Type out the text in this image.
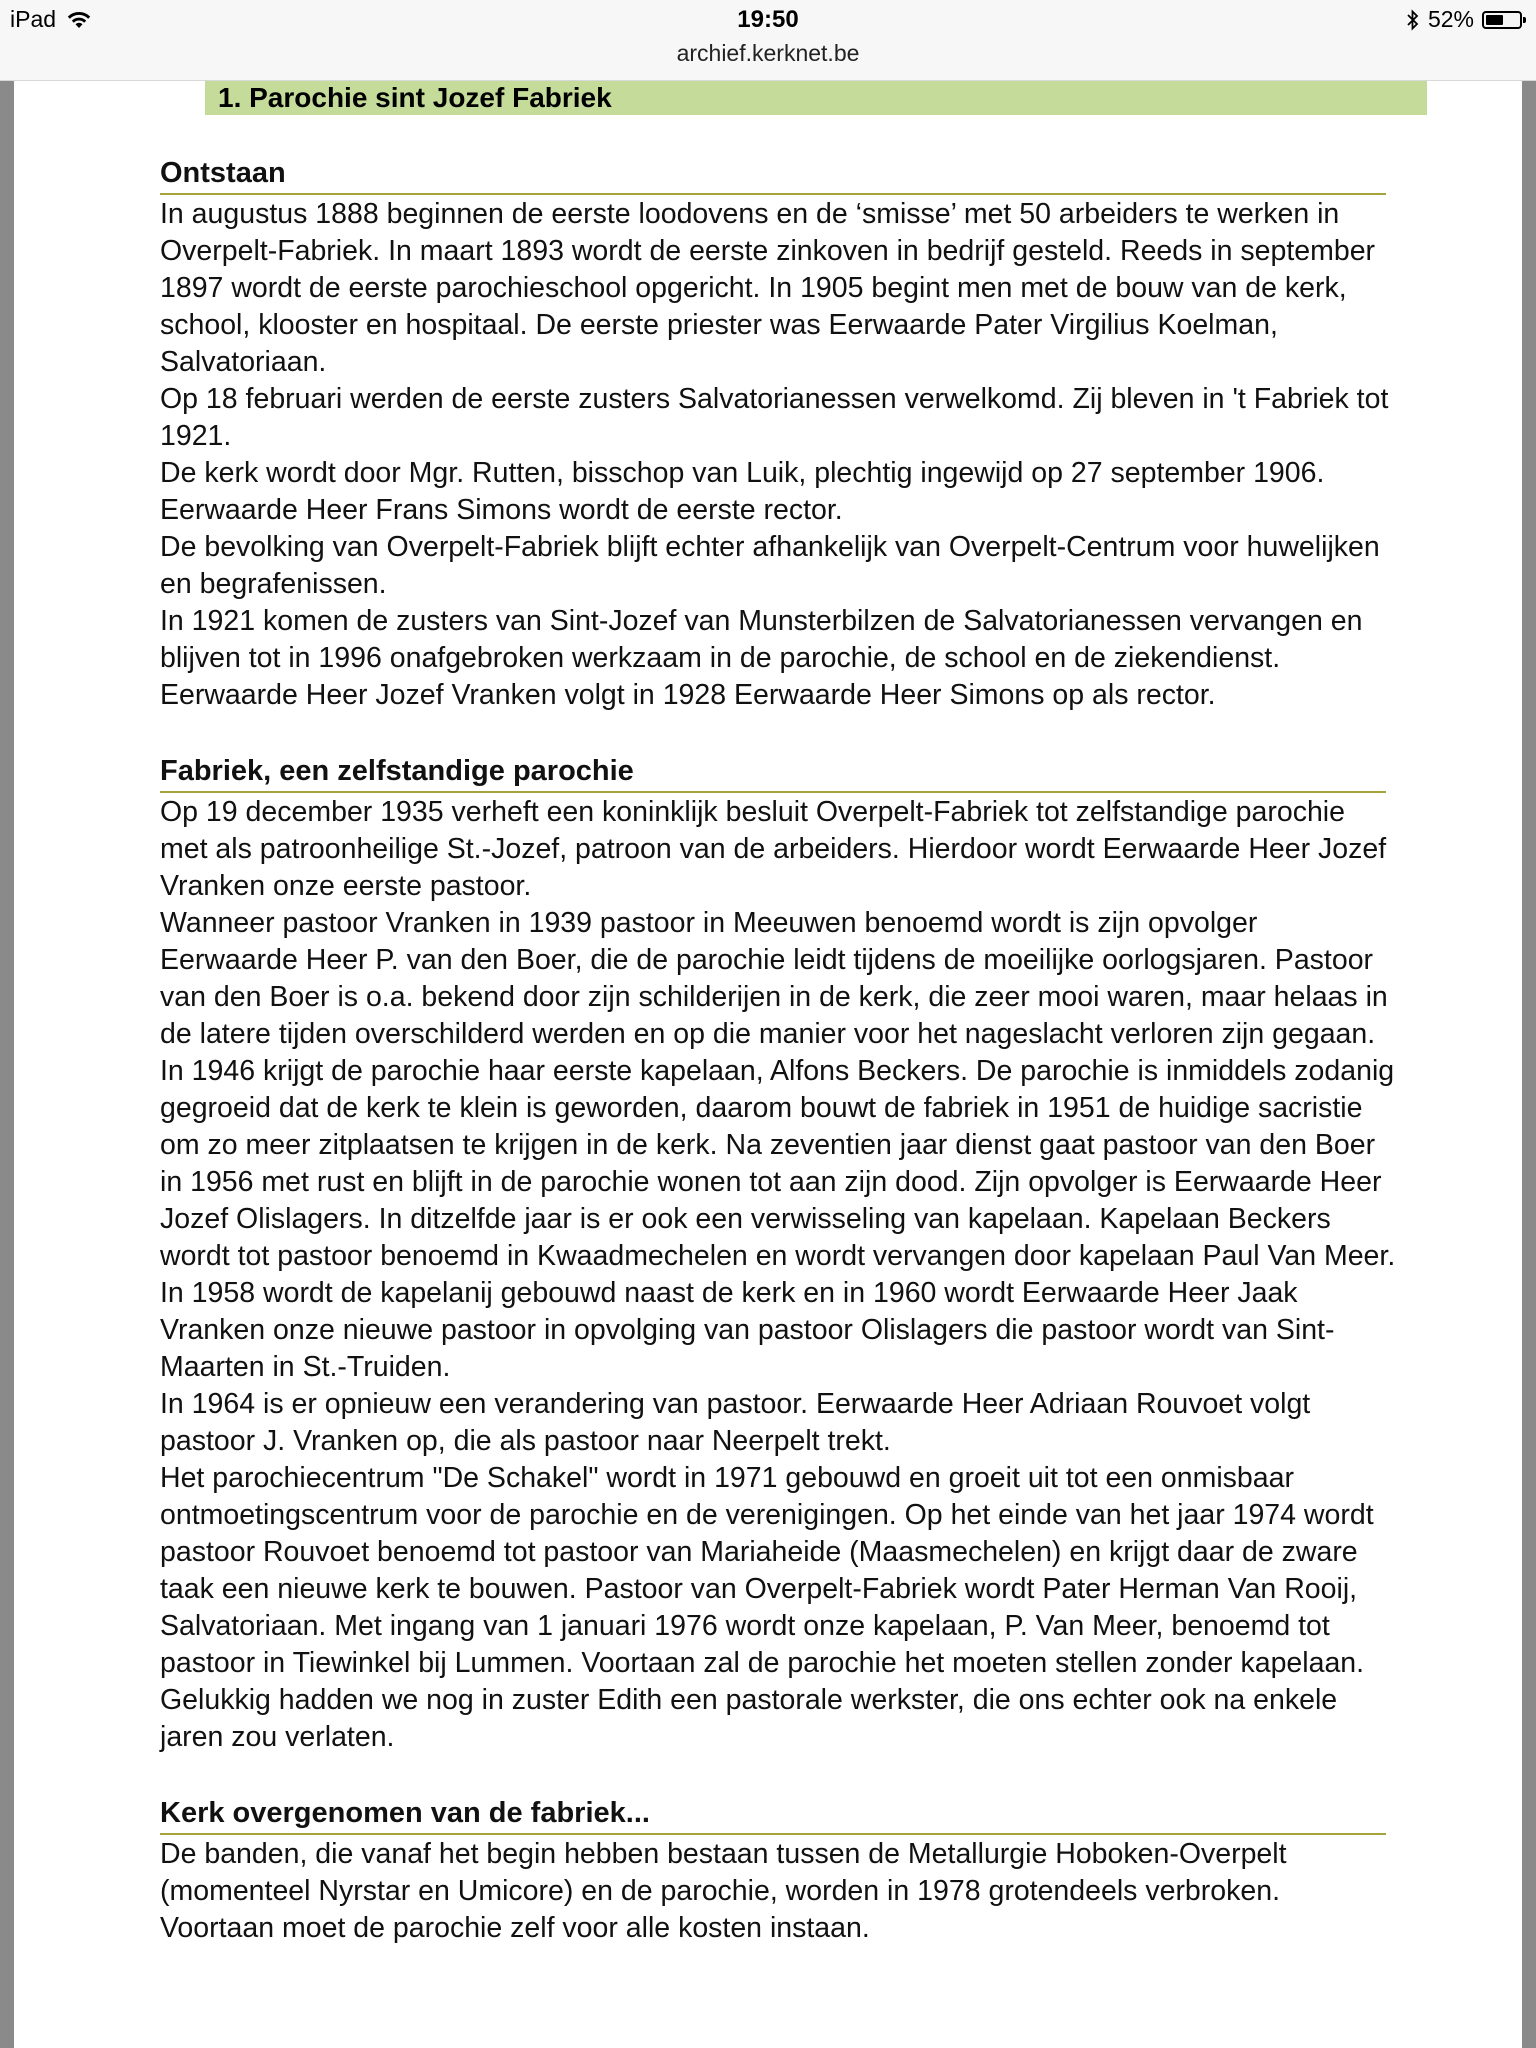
iPad	19:50
archief.kerknet.be
52%
1. Parochie sint Jozef Fabriek
Ontstaan

In augustus 1888 beginnen de eerste loodovens en de ‘smisse’ met 50 arbeiders te werken in Overpelt-Fabriek. In maart 1893 wordt de eerste zinkoven in bedrijf gesteld. Reeds in september 1897 wordt de eerste parochieschool opgericht. In 1905 begint men met de bouw van de kerk, school, klooster en hospitaal. De eerste priester was Eerwaarde Pater Virgilius Koelman, Salvatoriaan.

Op 18 februari werden de eerste zusters Salvatorianessen verwelkomd. Zij bleven in 't Fabriek tot 1921.

De kerk wordt door Mgr. Rutten, bisschop van Luik, plechtig ingewijd op 27 september 1906. Eerwaarde Heer Frans Simons wordt de eerste rector.

De bevolking van Overpelt-Fabriek blijft echter afhankelijk van Overpelt-Centrum voor huwelijken en begrafenissen.

In 1921 komen de zusters van Sint-Jozef van Munsterbilzen de Salvatorianessen vervangen en blijven tot in 1996 onafgebroken werkzaam in de parochie, de school en de ziekendienst. Eerwaarde Heer Jozef Vranken volgt in 1928 Eerwaarde Heer Simons op als rector.

Fabriek, een zelfstandige parochie

Op 19 december 1935 verheft een koninklijk besluit Overpelt-Fabriek tot zelfstandige parochie met als patroonheilige St.-Jozef, patroon van de arbeiders. Hierdoor wordt Eerwaarde Heer Jozef Vranken onze eerste pastoor.

Wanneer pastoor Vranken in 1939 pastoor in Meeuwen benoemd wordt is zijn opvolger Eerwaarde Heer P. van den Boer, die de parochie leidt tijdens de moeilijke oorlogsjaren. Pastoor van den Boer is o.a. bekend door zijn schilderijen in de kerk, die zeer mooi waren, maar helaas in de latere tijden overschilderd werden en op die manier voor het nageslacht verloren zijn gegaan.

In 1946 krijgt de parochie haar eerste kapelaan, Alfons Beckers. De parochie is inmiddels zodanig gegroeid dat de kerk te klein is geworden, daarom bouwt de fabriek in 1951 de huidige sacristie om zo meer zitplaatsen te krijgen in de kerk. Na zeventien jaar dienst gaat pastoor van den Boer in 1956 met rust en blijft in de parochie wonen tot aan zijn dood. Zijn opvolger is Eerwaarde Heer Jozef Olislagers. In ditzelfde jaar is er ook een verwisseling van kapelaan. Kapelaan Beckers wordt tot pastoor benoemd in Kwaadmechelen en wordt vervangen door kapelaan Paul Van Meer.

In 1958 wordt de kapelanij gebouwd naast de kerk en in 1960 wordt Eerwaarde Heer Jaak Vranken onze nieuwe pastoor in opvolging van pastoor Olislagers die pastoor wordt van Sint-Maarten in St.-Truiden.

In 1964 is er opnieuw een verandering van pastoor. Eerwaarde Heer Adriaan Rouvoet volgt pastoor J. Vranken op, die als pastoor naar Neerpelt trekt.

Het parochiecentrum "De Schakel" wordt in 1971 gebouwd en groeit uit tot een onmisbaar ontmoetingscentrum voor de parochie en de verenigingen. Op het einde van het jaar 1974 wordt pastoor Rouvoet benoemd tot pastoor van Mariaheide (Maasmechelen) en krijgt daar de zware taak een nieuwe kerk te bouwen. Pastoor van Overpelt-Fabriek wordt Pater Herman Van Rooij, Salvatoriaan. Met ingang van 1 januari 1976 wordt onze kapelaan, P. Van Meer, benoemd tot pastoor in Tiewinkel bij Lummen. Voortaan zal de parochie het moeten stellen zonder kapelaan. Gelukkig hadden we nog in zuster Edith een pastorale werkster, die ons echter ook na enkele jaren zou verlaten.

Kerk overgenomen van de fabriek...

De banden, die vanaf het begin hebben bestaan tussen de Metallurgie Hoboken-Overpelt (momenteel Nyrstar en Umicore) en de parochie, worden in 1978 grotendeels verbroken. Voortaan moet de parochie zelf voor alle kosten instaan.
